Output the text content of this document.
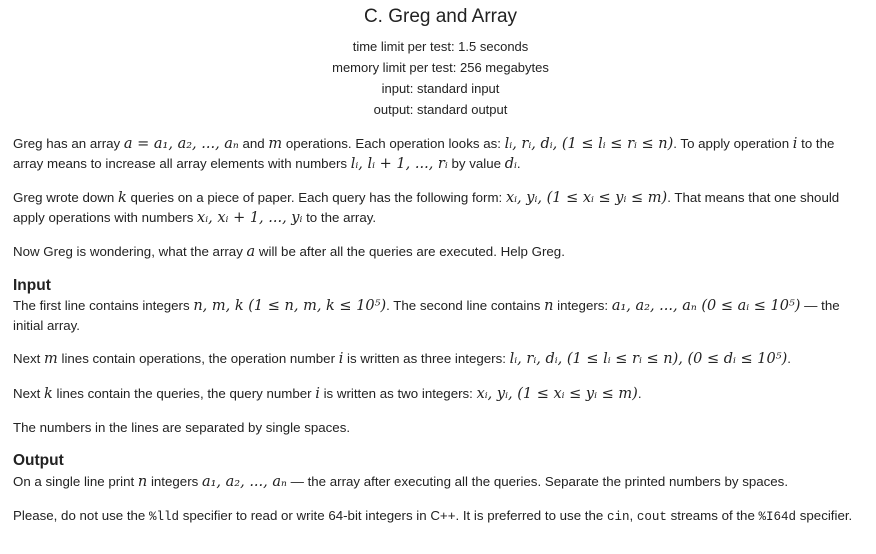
C. Greg and Array
time limit per test: 1.5 seconds
memory limit per test: 256 megabytes
input: standard input
output: standard output
Greg has an array a = a₁, a₂, ..., aₙ and m operations. Each operation looks as: lᵢ, rᵢ, dᵢ, (1 ≤ lᵢ ≤ rᵢ ≤ n). To apply operation i to the array means to increase all array elements with numbers lᵢ, lᵢ + 1, ..., rᵢ by value dᵢ.
Greg wrote down k queries on a piece of paper. Each query has the following form: xᵢ, yᵢ, (1 ≤ xᵢ ≤ yᵢ ≤ m). That means that one should apply operations with numbers xᵢ, xᵢ + 1, ..., yᵢ to the array.
Now Greg is wondering, what the array a will be after all the queries are executed. Help Greg.
Input
The first line contains integers n, m, k (1 ≤ n, m, k ≤ 10⁵). The second line contains n integers: a₁, a₂, ..., aₙ (0 ≤ aᵢ ≤ 10⁵) — the initial array.
Next m lines contain operations, the operation number i is written as three integers: lᵢ, rᵢ, dᵢ, (1 ≤ lᵢ ≤ rᵢ ≤ n), (0 ≤ dᵢ ≤ 10⁵).
Next k lines contain the queries, the query number i is written as two integers: xᵢ, yᵢ, (1 ≤ xᵢ ≤ yᵢ ≤ m).
The numbers in the lines are separated by single spaces.
Output
On a single line print n integers a₁, a₂, ..., aₙ — the array after executing all the queries. Separate the printed numbers by spaces.
Please, do not use the %lld specifier to read or write 64-bit integers in C++. It is preferred to use the cin, cout streams of the %I64d specifier.
